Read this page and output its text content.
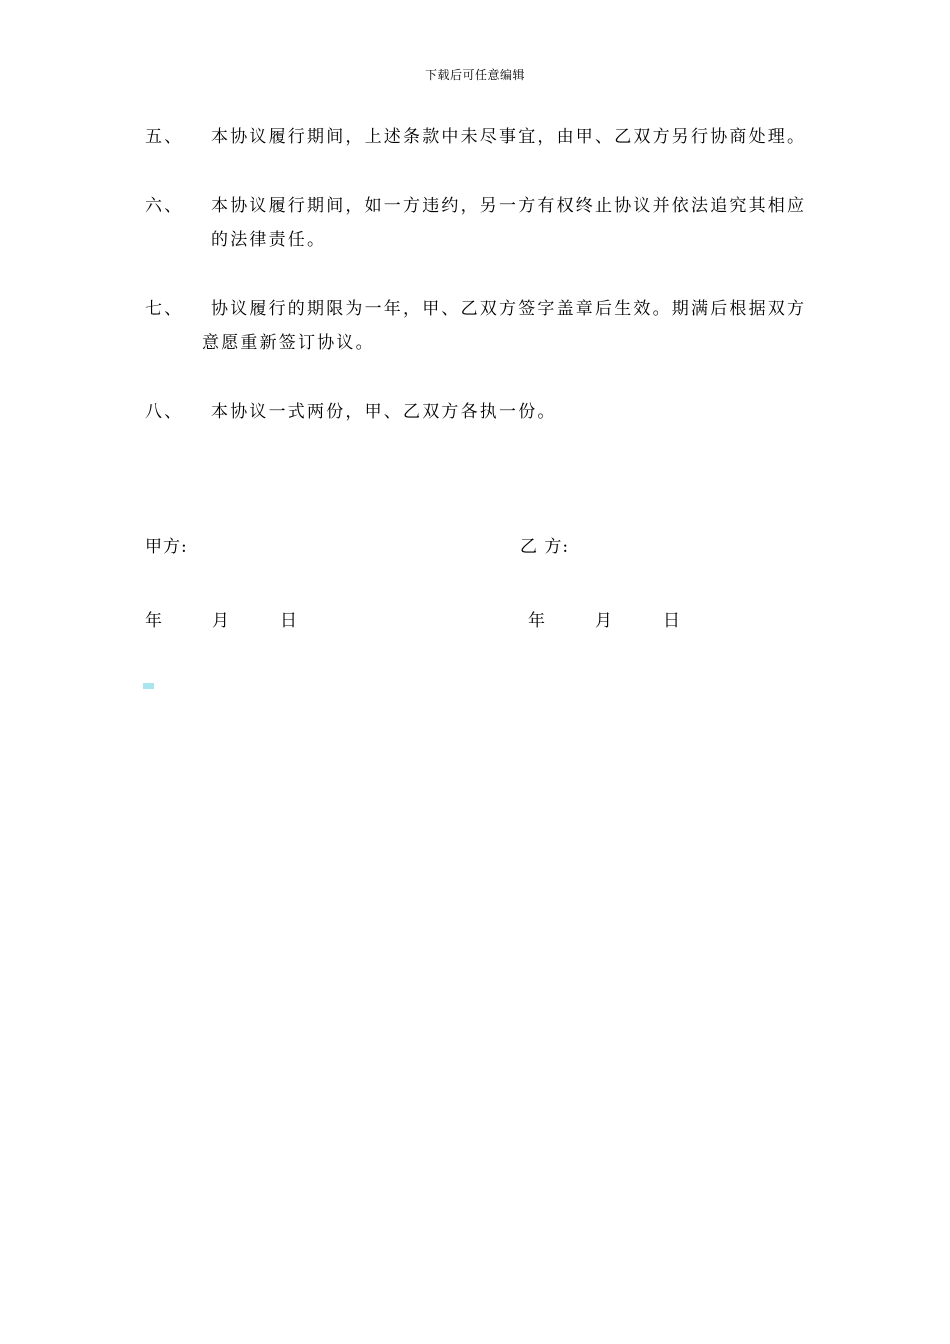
下载后可任意编辑
五、 本协议履行期间，上述条款中未尽事宜，由甲、乙双方另行协商处理。
六、 本协议履行期间，如一方违约，另一方有权终止协议并依法追究其相应
的法律责任。
七、 协议履行的期限为一年，甲、乙双方签字盖章后生效。期满后根据双方
意愿重新签订协议。
八、 本协议一式两份，甲、乙双方各执一份。
甲方:	乙 方:
年	月	日	年	月	日
